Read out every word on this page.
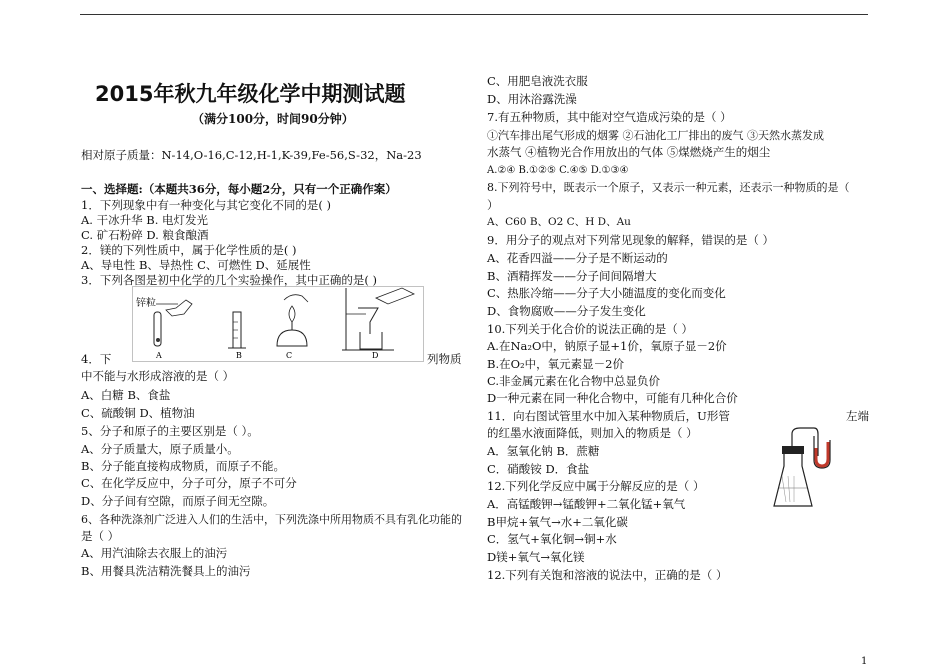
2015年秋九年级化学中期测试题
（满分100分，时间90分钟）
相对原子质量：N-14,O-16,C-12,H-1,K-39,Fe-56,S-32，Na-23
一、选择题:（本题共36分，每小题2分，只有一个正确作案）
1．下列现象中有一种变化与其它变化不同的是( )
A. 干冰升华 B. 电灯发光
C. 矿石粉碎 D. 粮食酿酒
2．镁的下列性质中，属于化学性质的是( )
A、导电性 B、导热性 C、可燃性 D、延展性
3．下列各图是初中化学的几个实验操作，其中正确的是( )
锌粒
A	B	C	D
4．下	列物质
中不能与水形成溶液的是（ ）
A、白糖 B、食盐
C、硫酸铜 D、植物油
5、分子和原子的主要区别是（ ）。
A、分子质量大，原子质量小。
B、分子能直接构成物质，而原子不能。
C、在化学反应中，分子可分，原子不可分
D、分子间有空隙，而原子间无空隙。
6、各种洗涤剂广泛进入人们的生活中，下列洗涤中所用物质不具有乳化功能的
是（ ）
A、用汽油除去衣服上的油污
B、用餐具洗洁精洗餐具上的油污
C、用肥皂液洗衣服
D、用沐浴露洗澡
7.有五种物质，其中能对空气造成污染的是（ ）
①汽车排出尾气形成的烟雾 ②石油化工厂排出的废气 ③天然水蒸发成
水蒸气 ④植物光合作用放出的气体 ⑤煤燃烧产生的烟尘
A.②④ B.①②⑤ C.④⑤ D.①③④
8.下列符号中，既表示一个原子，又表示一种元素，还表示一种物质的是（
）
A、C60 B、O2 C、H D、Au
9．用分子的观点对下列常见现象的解释，错误的是（ ）
A、花香四溢——分子是不断运动的
B、酒精挥发——分子间间隔增大
C、热胀冷缩——分子大小随温度的变化而变化
D、食物腐败——分子发生变化
10.下列关于化合价的说法正确的是（ ）
A.在Na₂O中，钠原子显+1价，氧原子显－2价
B.在O₂中，氧元素显－2价
C.非金属元素在化合物中总显负价
D一种元素在同一种化合物中，可能有几种化合价
11．向右图试管里水中加入某种物质后，U形管	左端
的红墨水液面降低，则加入的物质是（ ）
A．氢氧化钠 B．蔗糖
C．硝酸铵 D．食盐
12.下列化学反应中属于分解反应的是（ ）
A．高锰酸钾→锰酸钾+二氧化锰+氧气
B甲烷+氧气→水+二氧化碳
C．氢气+氧化铜→铜+水
D镁+氧气→氧化镁
12.下列有关饱和溶液的说法中，正确的是（ ）
1
